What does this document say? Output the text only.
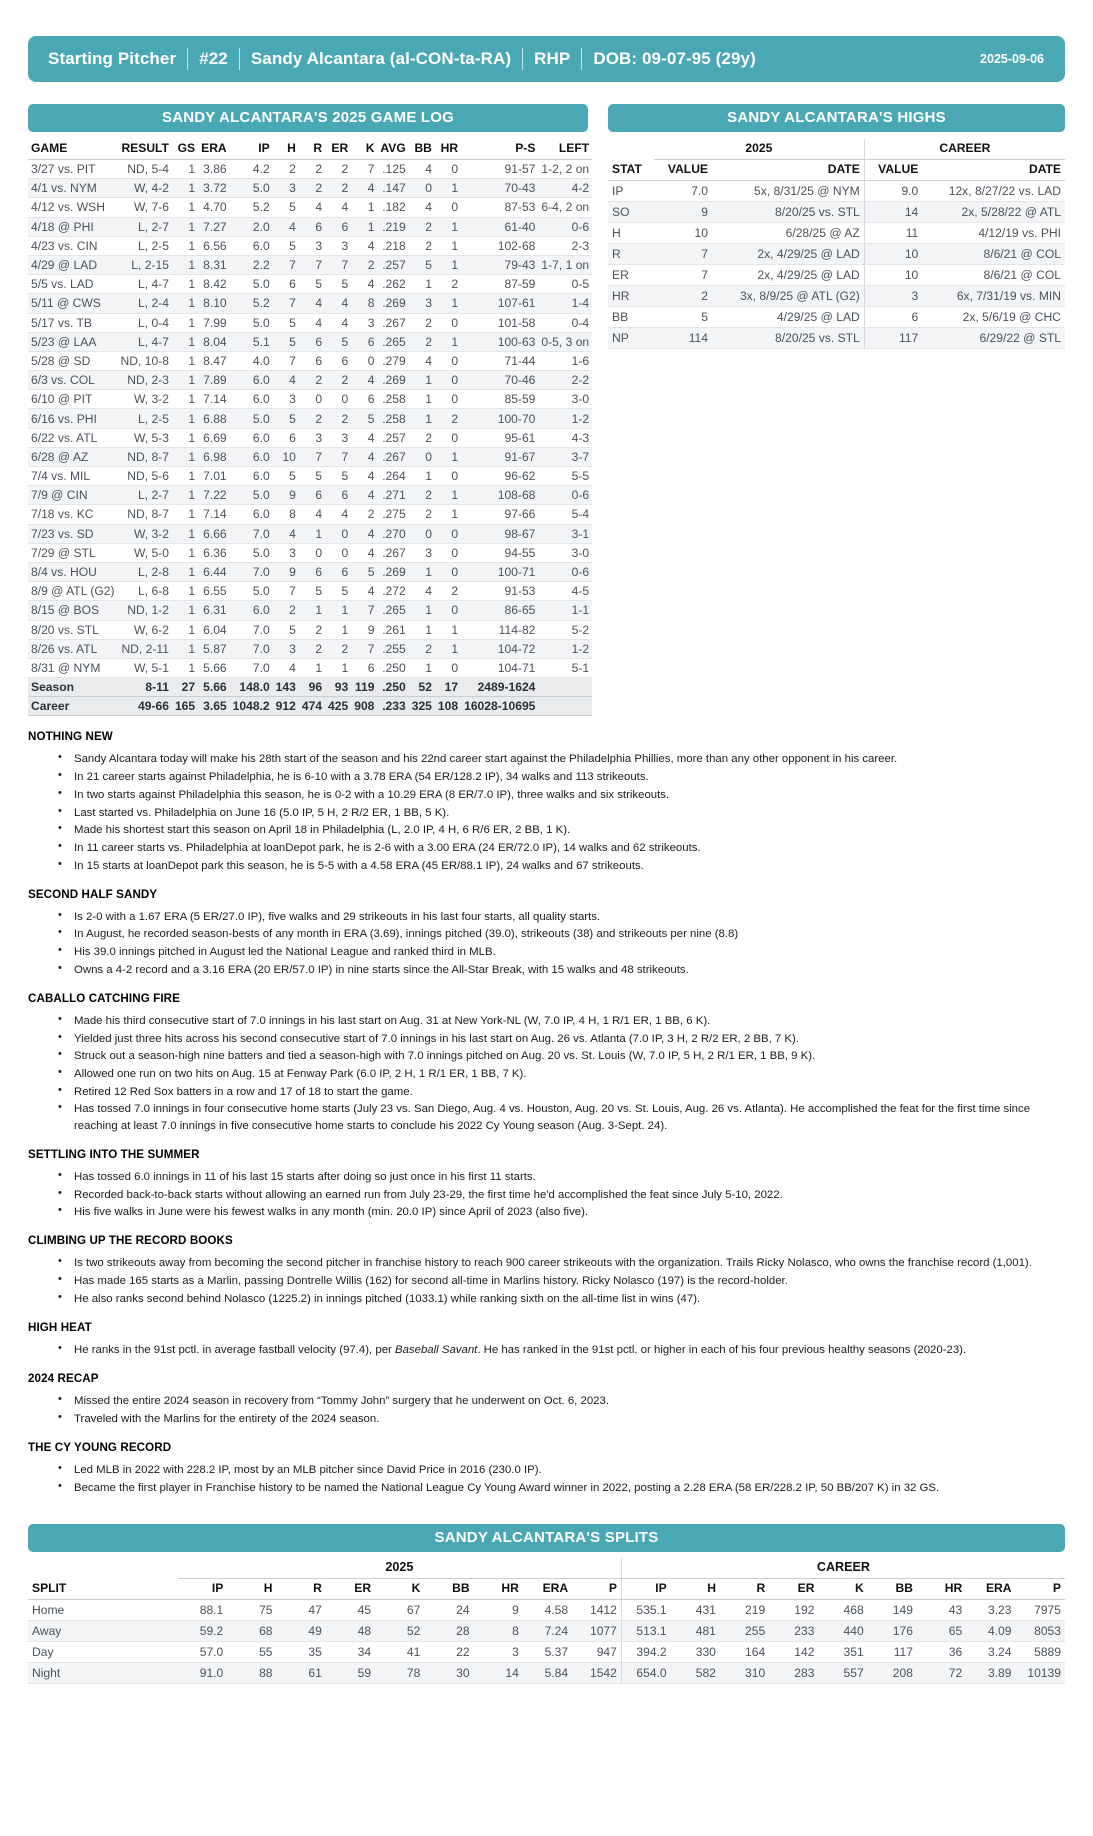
Starting Pitcher	#22	Sandy Alcantara (al-CON-ta-RA)	RHP	DOB: 09-07-95 (29y)	2025-09-06
SANDY ALCANTARA'S 2025 GAME LOG
GAME	RESULT	GS	ERA	IP	H	R	ER	K	AVG	BB	HR	P-S	LEFT
3/27 vs. PIT	ND, 5-4	1	3.86	4.2	2	2	2	7	.125	4	0	91-57	1-2, 2 on
4/1 vs. NYM	W, 4-2	1	3.72	5.0	3	2	2	4	.147	0	1	70-43	4-2
4/12 vs. WSH	W, 7-6	1	4.70	5.2	5	4	4	1	.182	4	0	87-53	6-4, 2 on
4/18 @ PHI	L, 2-7	1	7.27	2.0	4	6	6	1	.219	2	1	61-40	0-6
4/23 vs. CIN	L, 2-5	1	6.56	6.0	5	3	3	4	.218	2	1	102-68	2-3
4/29 @ LAD	L, 2-15	1	8.31	2.2	7	7	7	2	.257	5	1	79-43	1-7, 1 on
5/5 vs. LAD	L, 4-7	1	8.42	5.0	6	5	5	4	.262	1	2	87-59	0-5
5/11 @ CWS	L, 2-4	1	8.10	5.2	7	4	4	8	.269	3	1	107-61	1-4
5/17 vs. TB	L, 0-4	1	7.99	5.0	5	4	4	3	.267	2	0	101-58	0-4
5/23 @ LAA	L, 4-7	1	8.04	5.1	5	6	5	6	.265	2	1	100-63	0-5, 3 on
5/28 @ SD	ND, 10-8	1	8.47	4.0	7	6	6	0	.279	4	0	71-44	1-6
6/3 vs. COL	ND, 2-3	1	7.89	6.0	4	2	2	4	.269	1	0	70-46	2-2
6/10 @ PIT	W, 3-2	1	7.14	6.0	3	0	0	6	.258	1	0	85-59	3-0
6/16 vs. PHI	L, 2-5	1	6.88	5.0	5	2	2	5	.258	1	2	100-70	1-2
6/22 vs. ATL	W, 5-3	1	6.69	6.0	6	3	3	4	.257	2	0	95-61	4-3
6/28 @ AZ	ND, 8-7	1	6.98	6.0	10	7	7	4	.267	0	1	91-67	3-7
7/4 vs. MIL	ND, 5-6	1	7.01	6.0	5	5	5	4	.264	1	0	96-62	5-5
7/9 @ CIN	L, 2-7	1	7.22	5.0	9	6	6	4	.271	2	1	108-68	0-6
7/18 vs. KC	ND, 8-7	1	7.14	6.0	8	4	4	2	.275	2	1	97-66	5-4
7/23 vs. SD	W, 3-2	1	6.66	7.0	4	1	0	4	.270	0	0	98-67	3-1
7/29 @ STL	W, 5-0	1	6.36	5.0	3	0	0	4	.267	3	0	94-55	3-0
8/4 vs. HOU	L, 2-8	1	6.44	7.0	9	6	6	5	.269	1	0	100-71	0-6
8/9 @ ATL (G2)	L, 6-8	1	6.55	5.0	7	5	5	4	.272	4	2	91-53	4-5
8/15 @ BOS	ND, 1-2	1	6.31	6.0	2	1	1	7	.265	1	0	86-65	1-1
8/20 vs. STL	W, 6-2	1	6.04	7.0	5	2	1	9	.261	1	1	114-82	5-2
8/26 vs. ATL	ND, 2-11	1	5.87	7.0	3	2	2	7	.255	2	1	104-72	1-2
8/31 @ NYM	W, 5-1	1	5.66	7.0	4	1	1	6	.250	1	0	104-71	5-1
Season	8-11	27	5.66	148.0	143	96	93	119	.250	52	17	2489-1624	
Career	49-66	165	3.65	1048.2	912	474	425	908	.233	325	108	16028-10695	
SANDY ALCANTARA'S HIGHS
	2025		CAREER	
STAT	VALUE	DATE	VALUE	DATE
IP	7.0	5x, 8/31/25 @ NYM	9.0	12x, 8/27/22 vs. LAD
SO	9	8/20/25 vs. STL	14	2x, 5/28/22 @ ATL
H	10	6/28/25 @ AZ	11	4/12/19 vs. PHI
R	7	2x, 4/29/25 @ LAD	10	8/6/21 @ COL
ER	7	2x, 4/29/25 @ LAD	10	8/6/21 @ COL
HR	2	3x, 8/9/25 @ ATL (G2)	3	6x, 7/31/19 vs. MIN
BB	5	4/29/25 @ LAD	6	2x, 5/6/19 @ CHC
NP	114	8/20/25 vs. STL	117	6/29/22 @ STL
NOTHING NEW
• Sandy Alcantara today will make his 28th start of the season and his 22nd career start against the Philadelphia Phillies, more than any other opponent in his career.
• In 21 career starts against Philadelphia, he is 6-10 with a 3.78 ERA (54 ER/128.2 IP), 34 walks and 113 strikeouts.
• In two starts against Philadelphia this season, he is 0-2 with a 10.29 ERA (8 ER/7.0 IP), three walks and six strikeouts.
• Last started vs. Philadelphia on June 16 (5.0 IP, 5 H, 2 R/2 ER, 1 BB, 5 K).
• Made his shortest start this season on April 18 in Philadelphia (L, 2.0 IP, 4 H, 6 R/6 ER, 2 BB, 1 K).
• In 11 career starts vs. Philadelphia at loanDepot park, he is 2-6 with a 3.00 ERA (24 ER/72.0 IP), 14 walks and 62 strikeouts.
• In 15 starts at loanDepot park this season, he is 5-5 with a 4.58 ERA (45 ER/88.1 IP), 24 walks and 67 strikeouts.
SECOND HALF SANDY
• Is 2-0 with a 1.67 ERA (5 ER/27.0 IP), five walks and 29 strikeouts in his last four starts, all quality starts.
• In August, he recorded season-bests of any month in ERA (3.69), innings pitched (39.0), strikeouts (38) and strikeouts per nine (8.8)
• His 39.0 innings pitched in August led the National League and ranked third in MLB.
• Owns a 4-2 record and a 3.16 ERA (20 ER/57.0 IP) in nine starts since the All-Star Break, with 15 walks and 48 strikeouts.
CABALLO CATCHING FIRE
• Made his third consecutive start of 7.0 innings in his last start on Aug. 31 at New York-NL (W, 7.0 IP, 4 H, 1 R/1 ER, 1 BB, 6 K).
• Yielded just three hits across his second consecutive start of 7.0 innings in his last start on Aug. 26 vs. Atlanta (7.0 IP, 3 H, 2 R/2 ER, 2 BB, 7 K).
• Struck out a season-high nine batters and tied a season-high with 7.0 innings pitched on Aug. 20 vs. St. Louis (W, 7.0 IP, 5 H, 2 R/1 ER, 1 BB, 9 K).
• Allowed one run on two hits on Aug. 15 at Fenway Park (6.0 IP, 2 H, 1 R/1 ER, 1 BB, 7 K).
• Retired 12 Red Sox batters in a row and 17 of 18 to start the game.
• Has tossed 7.0 innings in four consecutive home starts (July 23 vs. San Diego, Aug. 4 vs. Houston, Aug. 20 vs. St. Louis, Aug. 26 vs. Atlanta). He accomplished the feat for the first time since reaching at least 7.0 innings in five consecutive home starts to conclude his 2022 Cy Young season (Aug. 3-Sept. 24).
SETTLING INTO THE SUMMER
• Has tossed 6.0 innings in 11 of his last 15 starts after doing so just once in his first 11 starts.
• Recorded back-to-back starts without allowing an earned run from July 23-29, the first time he'd accomplished the feat since July 5-10, 2022.
• His five walks in June were his fewest walks in any month (min. 20.0 IP) since April of 2023 (also five).
CLIMBING UP THE RECORD BOOKS
• Is two strikeouts away from becoming the second pitcher in franchise history to reach 900 career strikeouts with the organization. Trails Ricky Nolasco, who owns the franchise record (1,001).
• Has made 165 starts as a Marlin, passing Dontrelle Willis (162) for second all-time in Marlins history. Ricky Nolasco (197) is the record-holder.
• He also ranks second behind Nolasco (1225.2) in innings pitched (1033.1) while ranking sixth on the all-time list in wins (47).
HIGH HEAT
• He ranks in the 91st pctl. in average fastball velocity (97.4), per Baseball Savant. He has ranked in the 91st pctl. or higher in each of his four previous healthy seasons (2020-23).
2024 RECAP
• Missed the entire 2024 season in recovery from “Tommy John” surgery that he underwent on Oct. 6, 2023.
• Traveled with the Marlins for the entirety of the 2024 season.
THE CY YOUNG RECORD
• Led MLB in 2022 with 228.2 IP, most by an MLB pitcher since David Price in 2016 (230.0 IP).
• Became the first player in Franchise history to be named the National League Cy Young Award winner in 2022, posting a 2.28 ERA (58 ER/228.2 IP, 50 BB/207 K) in 32 GS.
SANDY ALCANTARA'S SPLITS
	2025									CAREER								
SPLIT	IP	H	R	ER	K	BB	HR	ERA	P	IP	H	R	ER	K	BB	HR	ERA	P
Home	88.1	75	47	45	67	24	9	4.58	1412	535.1	431	219	192	468	149	43	3.23	7975
Away	59.2	68	49	48	52	28	8	7.24	1077	513.1	481	255	233	440	176	65	4.09	8053
Day	57.0	55	35	34	41	22	3	5.37	947	394.2	330	164	142	351	117	36	3.24	5889
Night	91.0	88	61	59	78	30	14	5.84	1542	654.0	582	310	283	557	208	72	3.89	10139
